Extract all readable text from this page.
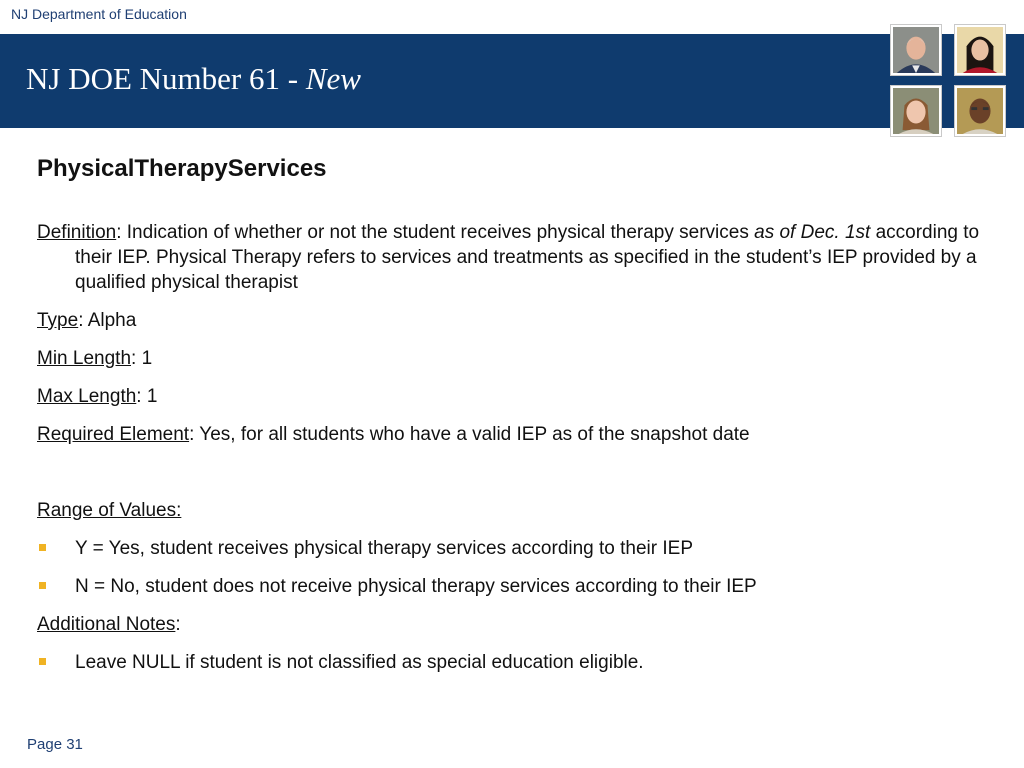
NJ Department of Education
NJ DOE Number 61 - New
PhysicalTherapyServices
Definition: Indication of whether or not the student receives physical therapy services as of Dec. 1st according to their IEP. Physical Therapy refers to services and treatments as specified in the student’s IEP provided by a qualified physical therapist
Type: Alpha
Min Length: 1
Max Length: 1
Required Element: Yes, for all students who have a valid IEP as of the snapshot date
Range of Values:
Y = Yes, student receives physical therapy services according to their IEP
N = No, student does not receive physical therapy services according to their IEP
Additional Notes:
Leave NULL if student is not classified as special education eligible.
Page 31
